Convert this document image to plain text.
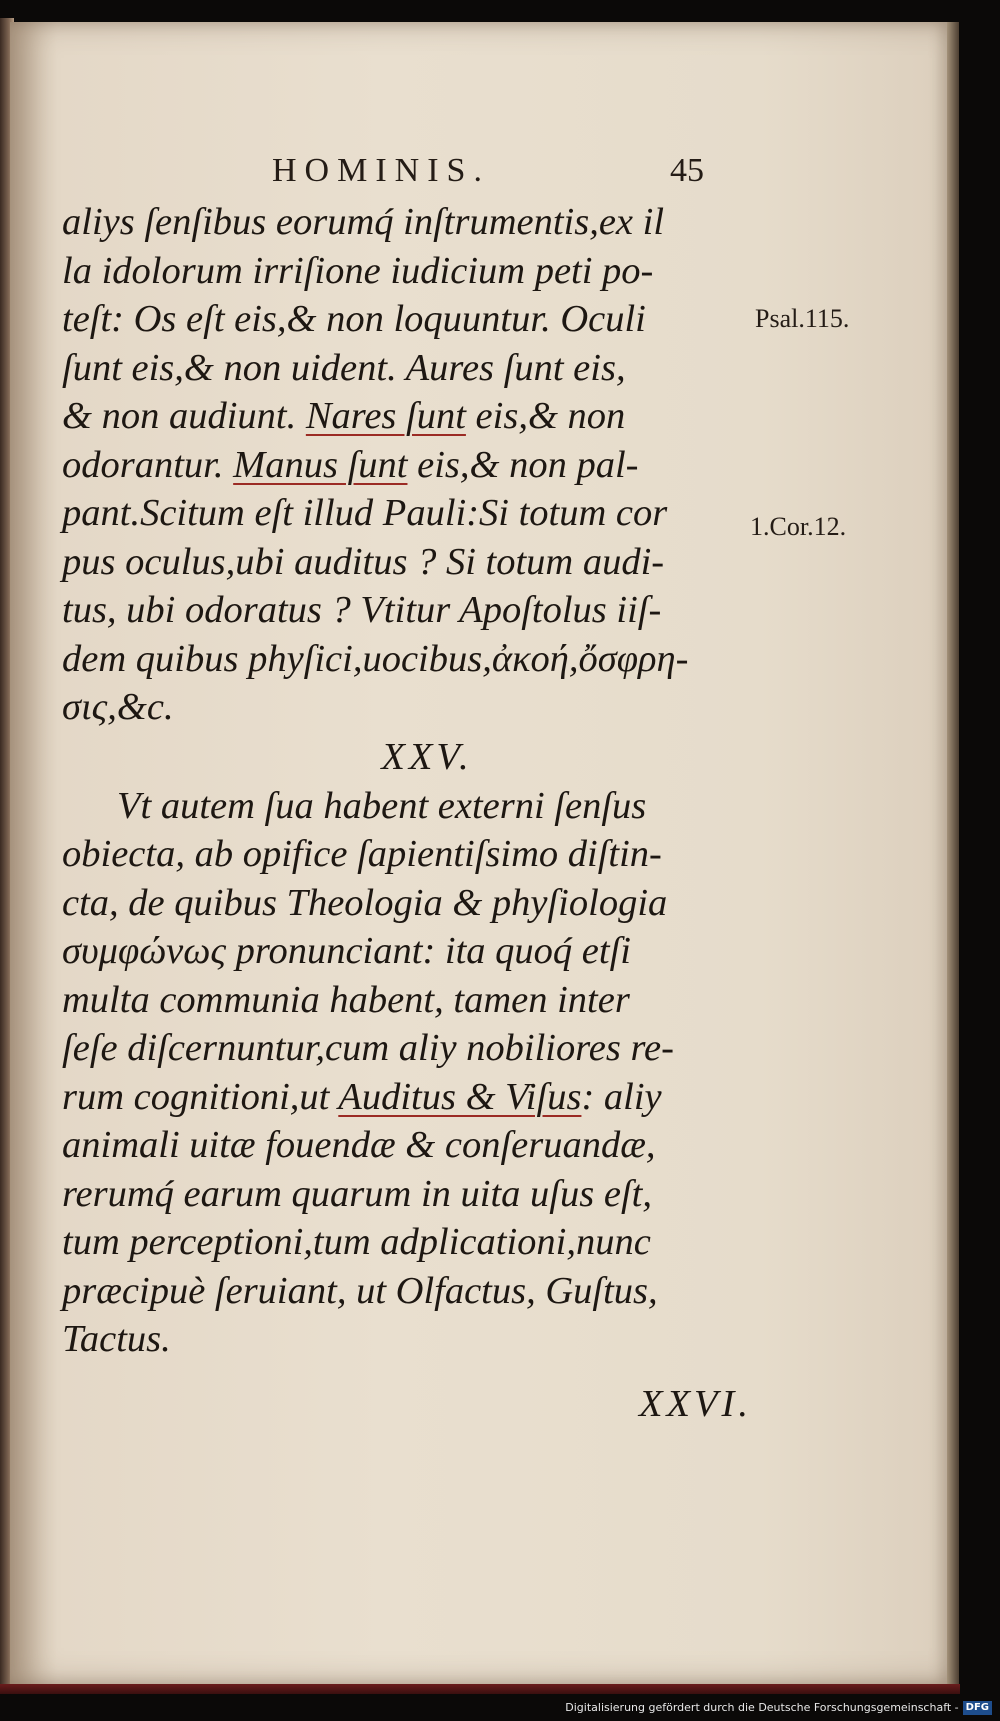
HOMINIS.	45
Psal.115.
1.Cor.12.
aliys ſenſibus eorumq́ inſtrumentis,ex il
la idolorum irriſione iudicium peti po-
teſt: Os eſt eis,& non loquuntur. Oculi
ſunt eis,& non uident. Aures ſunt eis,
& non audiunt. Nares ſunt eis,& non
odorantur. Manus ſunt eis,& non pal-
pant.Scitum eſt illud Pauli:Si totum cor
pus oculus,ubi auditus ? Si totum audi-
tus, ubi odoratus ? Vtitur Apoſtolus iiſ-
dem quibus phyſici,uocibus,ἀκοή,ὄσφρη-
σις,&c.
XXV.
Vt autem ſua habent externi ſenſus
obiecta, ab opifice ſapientiſsimo diſtin-
cta, de quibus Theologia & phyſiologia
συμφώνως pronunciant: ita quoq́ etſi
multa communia habent, tamen inter
ſeſe diſcernuntur,cum aliy nobiliores re-
rum cognitioni,ut Auditus & Viſus: aliy
animali uitæ fouendæ & conſeruandæ,
rerumq́ earum quarum in uita uſus eſt,
tum perceptioni,tum adplicationi,nunc
præcipuè ſeruiant, ut Olfactus, Guſtus,
Tactus.
XXVI.
Digitalisierung gefördert durch die Deutsche Forschungsgemeinschaft - DFG
